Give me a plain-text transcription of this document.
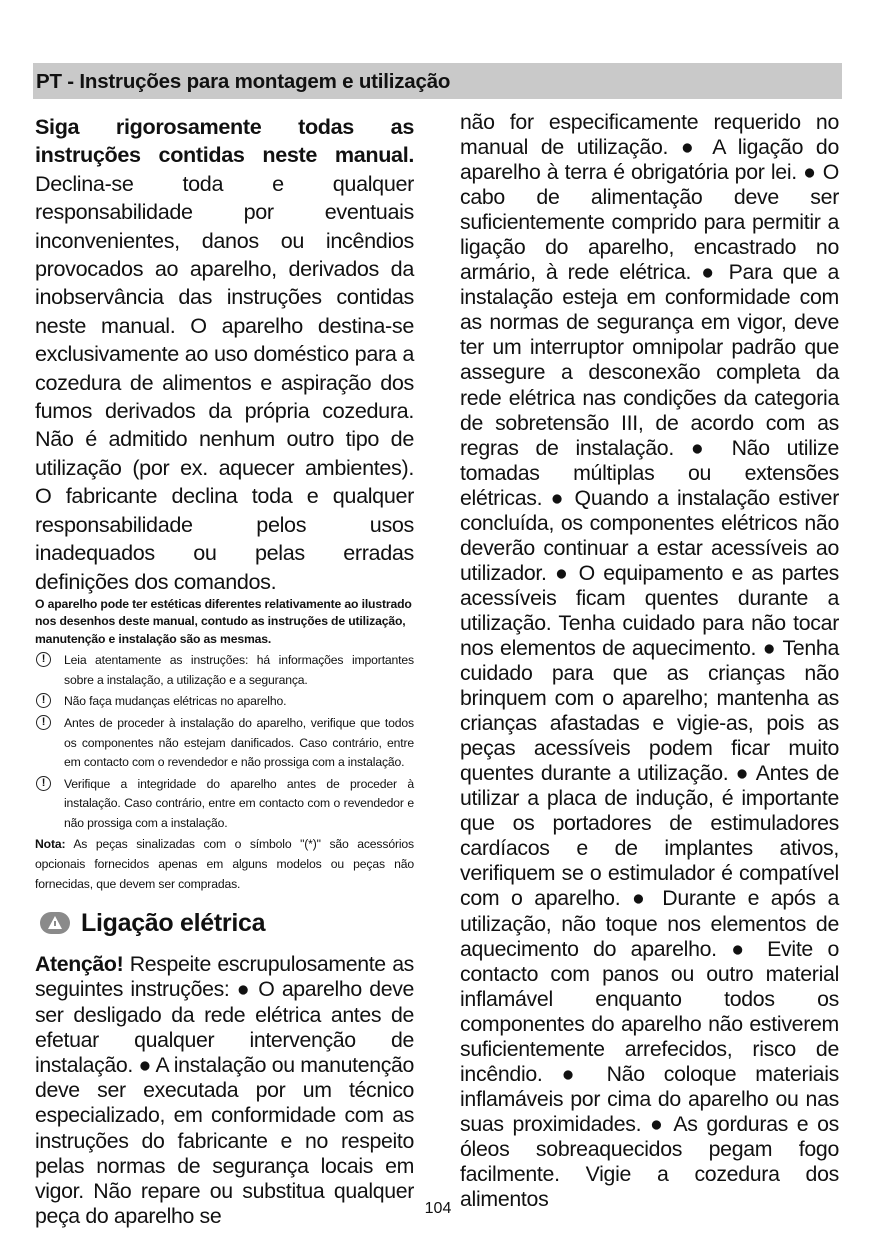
PT - Instruções para montagem e utilização

Siga rigorosamente todas as instruções contidas neste manual. Declina-se toda e qualquer responsabilidade por eventuais inconvenientes, danos ou incêndios provocados ao aparelho, derivados da inobservância das instruções contidas neste manual. O aparelho destina-se exclusivamente ao uso doméstico para a cozedura de alimentos e aspiração dos fumos derivados da própria cozedura. Não é admitido nenhum outro tipo de utilização (por ex. aquecer ambientes). O fabricante declina toda e qualquer responsabilidade pelos usos inadequados ou pelas erradas definições dos comandos.

O aparelho pode ter estéticas diferentes relativamente ao ilustrado nos desenhos deste manual, contudo as instruções de utilização, manutenção e instalação são as mesmas.

!	Leia atentamente as instruções: há informações importantes sobre a instalação, a utilização e a segurança.
!	Não faça mudanças elétricas no aparelho.
!	Antes de proceder à instalação do aparelho, verifique que todos os componentes não estejam danificados. Caso contrário, entre em contacto com o revendedor e não prossiga com a instalação.
!	Verifique a integridade do aparelho antes de proceder à instalação. Caso contrário, entre em contacto com o revendedor e não prossiga com a instalação.

Nota: As peças sinalizadas com o símbolo "(*)" são acessórios opcionais fornecidos apenas em alguns modelos ou peças não fornecidas, que devem ser compradas.

Ligação elétrica

Atenção! Respeite escrupulosamente as seguintes instruções: ● O aparelho deve ser desligado da rede elétrica antes de efetuar qualquer intervenção de instalação. ● A instalação ou manutenção deve ser executada por um técnico especializado, em conformidade com as instruções do fabricante e no respeito pelas normas de segurança locais em vigor. Não repare ou substitua qualquer peça do aparelho se

não for especificamente requerido no manual de utilização. ● A ligação do aparelho à terra é obrigatória por lei. ● O cabo de alimentação deve ser suficientemente comprido para permitir a ligação do aparelho, encastrado no armário, à rede elétrica. ● Para que a instalação esteja em conformidade com as normas de segurança em vigor, deve ter um interruptor omnipolar padrão que assegure a desconexão completa da rede elétrica nas condições da categoria de sobretensão III, de acordo com as regras de instalação. ● Não utilize tomadas múltiplas ou extensões elétricas. ● Quando a instalação estiver concluída, os componentes elétricos não deverão continuar a estar acessíveis ao utilizador. ● O equipamento e as partes acessíveis ficam quentes durante a utilização. Tenha cuidado para não tocar nos elementos de aquecimento. ● Tenha cuidado para que as crianças não brinquem com o aparelho; mantenha as crianças afastadas e vigie-as, pois as peças acessíveis podem ficar muito quentes durante a utilização. ● Antes de utilizar a placa de indução, é importante que os portadores de estimuladores cardíacos e de implantes ativos, verifiquem se o estimulador é compatível com o aparelho. ● Durante e após a utilização, não toque nos elementos de aquecimento do aparelho. ● Evite o contacto com panos ou outro material inflamável enquanto todos os componentes do aparelho não estiverem suficientemente arrefecidos, risco de incêndio. ● Não coloque materiais inflamáveis por cima do aparelho ou nas suas proximidades. ● As gorduras e os óleos sobreaquecidos pegam fogo facilmente. Vigie a cozedura dos alimentos

104
